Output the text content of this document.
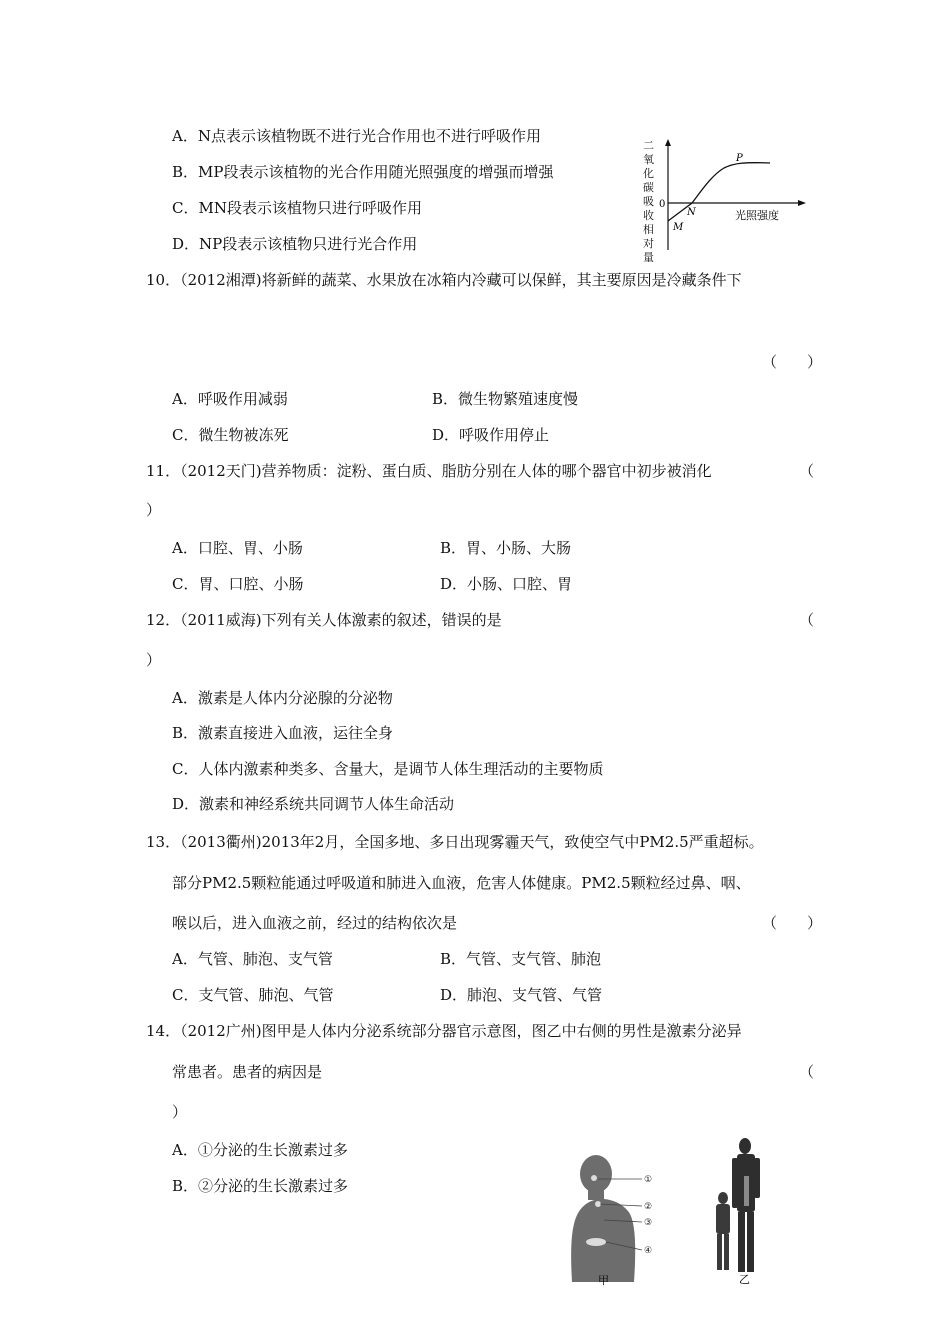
A．N点表示该植物既不进行光合作用也不进行呼吸作用
B．MP段表示该植物的光合作用随光照强度的增强而增强
C．MN段表示该植物只进行呼吸作用
D．NP段表示该植物只进行光合作用
二
氧
化
碳
吸
收
相
对
量
0
P
N
M
光照强度
10．（2012湘潭)将新鲜的蔬菜、水果放在冰箱内冷藏可以保鲜，其主要原因是冷藏条件下
（　　）
A．呼吸作用减弱	B．微生物繁殖速度慢
C．微生物被冻死	D．呼吸作用停止
11．（2012天门)营养物质：淀粉、蛋白质、脂肪分别在人体的哪个器官中初步被消化	（
）
A．口腔、胃、小肠	B．胃、小肠、大肠
C．胃、口腔、小肠	D．小肠、口腔、胃
12．（2011威海)下列有关人体激素的叙述，错误的是	（
）
A．激素是人体内分泌腺的分泌物
B．激素直接进入血液，运往全身
C．人体内激素种类多、含量大，是调节人体生理活动的主要物质
D．激素和神经系统共同调节人体生命活动
13．（2013衢州)2013年2月，全国多地、多日出现雾霾天气，致使空气中PM2.5严重超标。
部分PM2.5颗粒能通过呼吸道和肺进入血液，危害人体健康。PM2.5颗粒经过鼻、咽、
喉以后，进入血液之前，经过的结构依次是	（　　）
A．气管、肺泡、支气管	B．气管、支气管、肺泡
C．支气管、肺泡、气管	D．肺泡、支气管、气管
14．（2012广州)图甲是人体内分泌系统部分器官示意图，图乙中右侧的男性是激素分泌异
常患者。患者的病因是	（
）
A．①分泌的生长激素过多
B．②分泌的生长激素过多	①
②
③
④
甲	乙
